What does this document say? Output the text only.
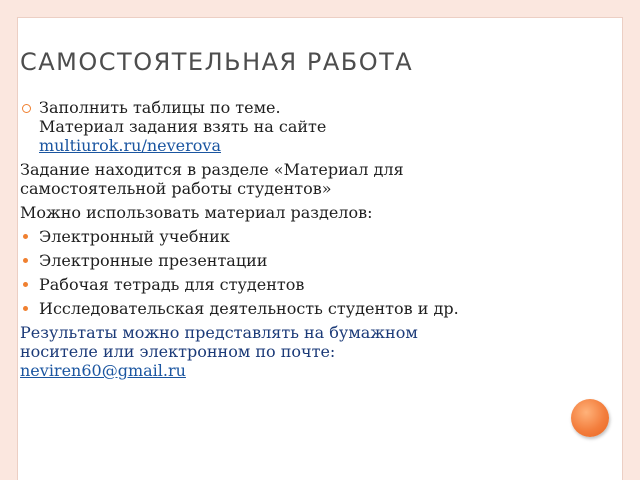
САМОСТОЯТЕЛЬНАЯ РАБОТА
Заполнить таблицы по теме.
Материал задания взять на сайте
multiurok.ru/neverova
Задание находится в разделе «Материал для
самостоятельной работы студентов»
Можно использовать материал разделов:
Электронный учебник
Электронные презентации
Рабочая тетрадь для студентов
Исследовательская деятельность студентов и др.
Результаты можно представлять на бумажном
носителе или электронном по почте:
neviren60@gmail.ru
